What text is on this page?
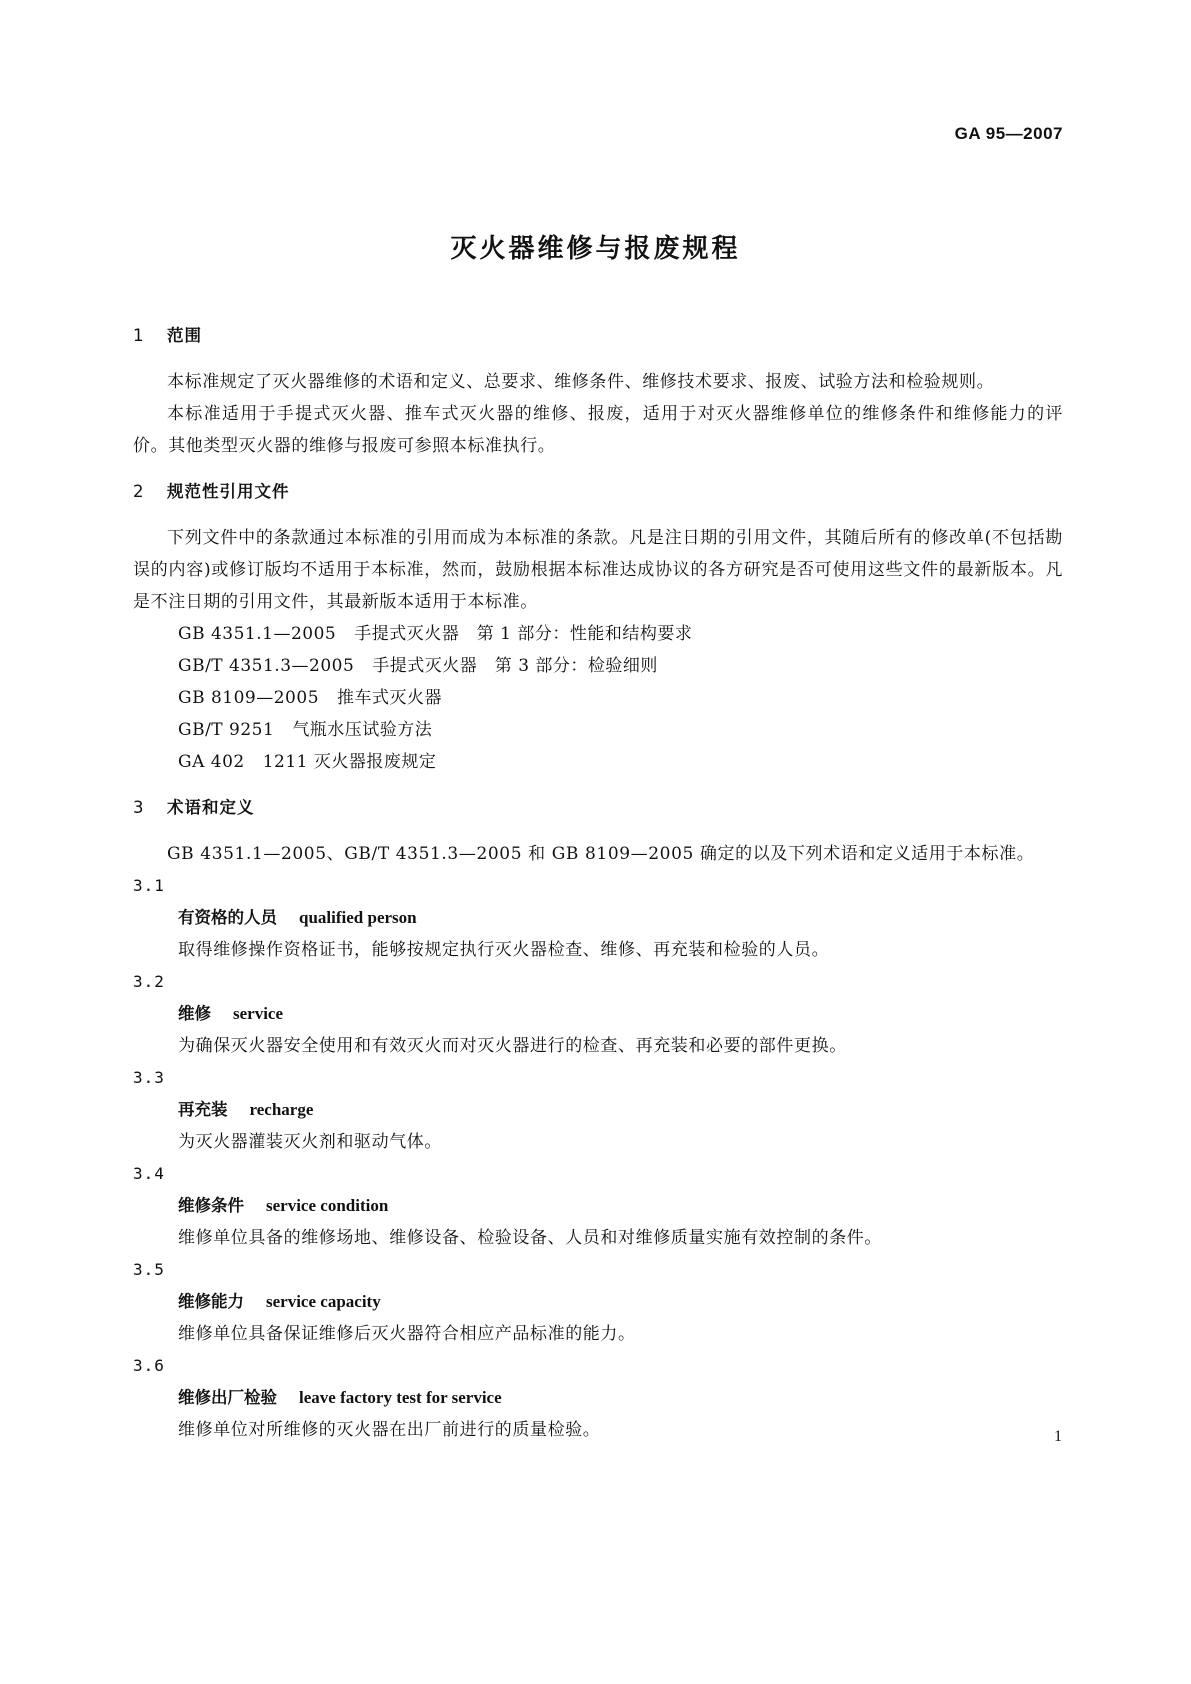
GA 95—2007
灭火器维修与报废规程
1 范围
本标准规定了灭火器维修的术语和定义、总要求、维修条件、维修技术要求、报废、试验方法和检验规则。
本标准适用于手提式灭火器、推车式灭火器的维修、报废，适用于对灭火器维修单位的维修条件和维修能力的评价。其他类型灭火器的维修与报废可参照本标准执行。
2 规范性引用文件
下列文件中的条款通过本标准的引用而成为本标准的条款。凡是注日期的引用文件，其随后所有的修改单(不包括勘误的内容)或修订版均不适用于本标准，然而，鼓励根据本标准达成协议的各方研究是否可使用这些文件的最新版本。凡是不注日期的引用文件，其最新版本适用于本标准。
GB 4351.1—2005 手提式灭火器　第 1 部分：性能和结构要求
GB/T 4351.3—2005 手提式灭火器　第 3 部分：检验细则
GB 8109—2005 推车式灭火器
GB/T 9251 气瓶水压试验方法
GA 402 1211 灭火器报废规定
3 术语和定义
GB 4351.1—2005、GB/T 4351.3—2005 和 GB 8109—2005 确定的以及下列术语和定义适用于本标准。
3.1
有资格的人员 qualified person
取得维修操作资格证书，能够按规定执行灭火器检查、维修、再充装和检验的人员。
3.2
维修 service
为确保灭火器安全使用和有效灭火而对灭火器进行的检查、再充装和必要的部件更换。
3.3
再充装 recharge
为灭火器灌装灭火剂和驱动气体。
3.4
维修条件 service condition
维修单位具备的维修场地、维修设备、检验设备、人员和对维修质量实施有效控制的条件。
3.5
维修能力 service capacity
维修单位具备保证维修后灭火器符合相应产品标准的能力。
3.6
维修出厂检验 leave factory test for service
维修单位对所维修的灭火器在出厂前进行的质量检验。	1
